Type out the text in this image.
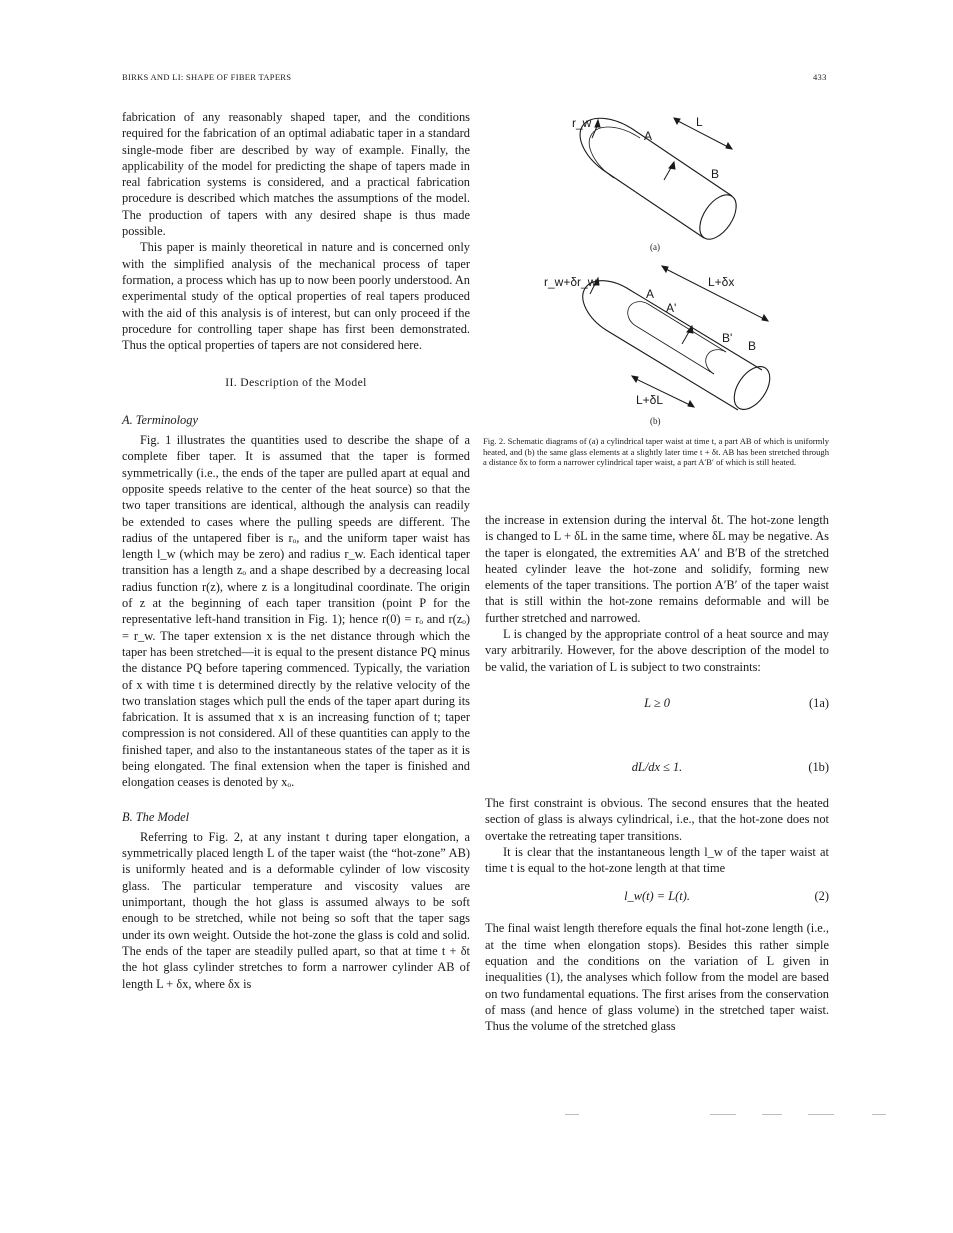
BIRKS AND LI: SHAPE OF FIBER TAPERS	433

fabrication of any reasonably shaped taper, and the conditions required for the fabrication of an optimal adiabatic taper in a standard single-mode fiber are described by way of example. Finally, the applicability of the model for predicting the shape of tapers made in real fabrication systems is considered, and a practical fabrication procedure is described which matches the assumptions of the model. The production of tapers with any desired shape is thus made possible.

This paper is mainly theoretical in nature and is concerned only with the simplified analysis of the mechanical process of taper formation, a process which has up to now been poorly understood. An experimental study of the optical properties of real tapers produced with the aid of this analysis is of interest, but can only proceed if the procedure for controlling taper shape has first been demonstrated. Thus the optical properties of tapers are not considered here.

II. Description of the Model

A. Terminology

Fig. 1 illustrates the quantities used to describe the shape of a complete fiber taper. It is assumed that the taper is formed symmetrically (i.e., the ends of the taper are pulled apart at equal and opposite speeds relative to the center of the heat source) so that the two taper transitions are identical, although the analysis can readily be extended to cases where the pulling speeds are different. The radius of the untapered fiber is rₒ, and the uniform taper waist has length l_w (which may be zero) and radius r_w. Each identical taper transition has a length zₒ and a shape described by a decreasing local radius function r(z), where z is a longitudinal coordinate. The origin of z at the beginning of each taper transition (point P for the representative left-hand transition in Fig. 1); hence r(0) = rₒ and r(zₒ) = r_w. The taper extension x is the net distance through which the taper has been stretched—it is equal to the present distance PQ minus the distance PQ before tapering commenced. Typically, the variation of x with time t is determined directly by the relative velocity of the two translation stages which pull the ends of the taper apart during its fabrication. It is assumed that x is an increasing function of t; taper compression is not considered. All of these quantities can apply to the finished taper, and also to the instantaneous states of the taper as it is being elongated. The final extension when the taper is finished and elongation ceases is denoted by xₒ.

B. The Model

Referring to Fig. 2, at any instant t during taper elongation, a symmetrically placed length L of the taper waist (the “hot-zone” AB) is uniformly heated and is a deformable cylinder of low viscosity glass. The particular temperature and viscosity values are unimportant, though the hot glass is assumed always to be soft enough to be stretched, while not being so soft that the taper sags under its own weight. Outside the hot-zone the glass is cold and solid. The ends of the taper are steadily pulled apart, so that at time t + δt the hot glass cylinder stretches to form a narrower cylinder AB of length L + δx, where δx is

r_w	L
A
B
(a)
r_w+δr_w	L+δx
A
A'
B'
B
L+δL
(b)
Fig. 2. Schematic diagrams of (a) a cylindrical taper waist at time t, a part AB of which is uniformly heated, and (b) the same glass elements at a slightly later time t + δt. AB has been stretched through a distance δx to form a narrower cylindrical taper waist, a part A′B′ of which is still heated.

the increase in extension during the interval δt. The hot-zone length is changed to L + δL in the same time, where δL may be negative. As the taper is elongated, the extremities AA′ and B′B of the stretched heated cylinder leave the hot-zone and solidify, forming new elements of the taper transitions. The portion A′B′ of the taper waist that is still within the hot-zone remains deformable and will be further stretched and narrowed.

L is changed by the appropriate control of a heat source and may vary arbitrarily. However, for the above description of the model to be valid, the variation of L is subject to two constraints:

L ≥ 0	(1a)
dL/dx ≤ 1.	(1b)

The first constraint is obvious. The second ensures that the heated section of glass is always cylindrical, i.e., that the hot-zone does not overtake the retreating taper transitions.

It is clear that the instantaneous length l_w of the taper waist at time t is equal to the hot-zone length at that time

l_w(t) = L(t).	(2)

The final waist length therefore equals the final hot-zone length (i.e., at the time when elongation stops). Besides this rather simple equation and the conditions on the variation of L given in inequalities (1), the analyses which follow from the model are based on two fundamental equations. The first arises from the conservation of mass (and hence of glass volume) in the stretched taper waist. Thus the volume of the stretched glass
